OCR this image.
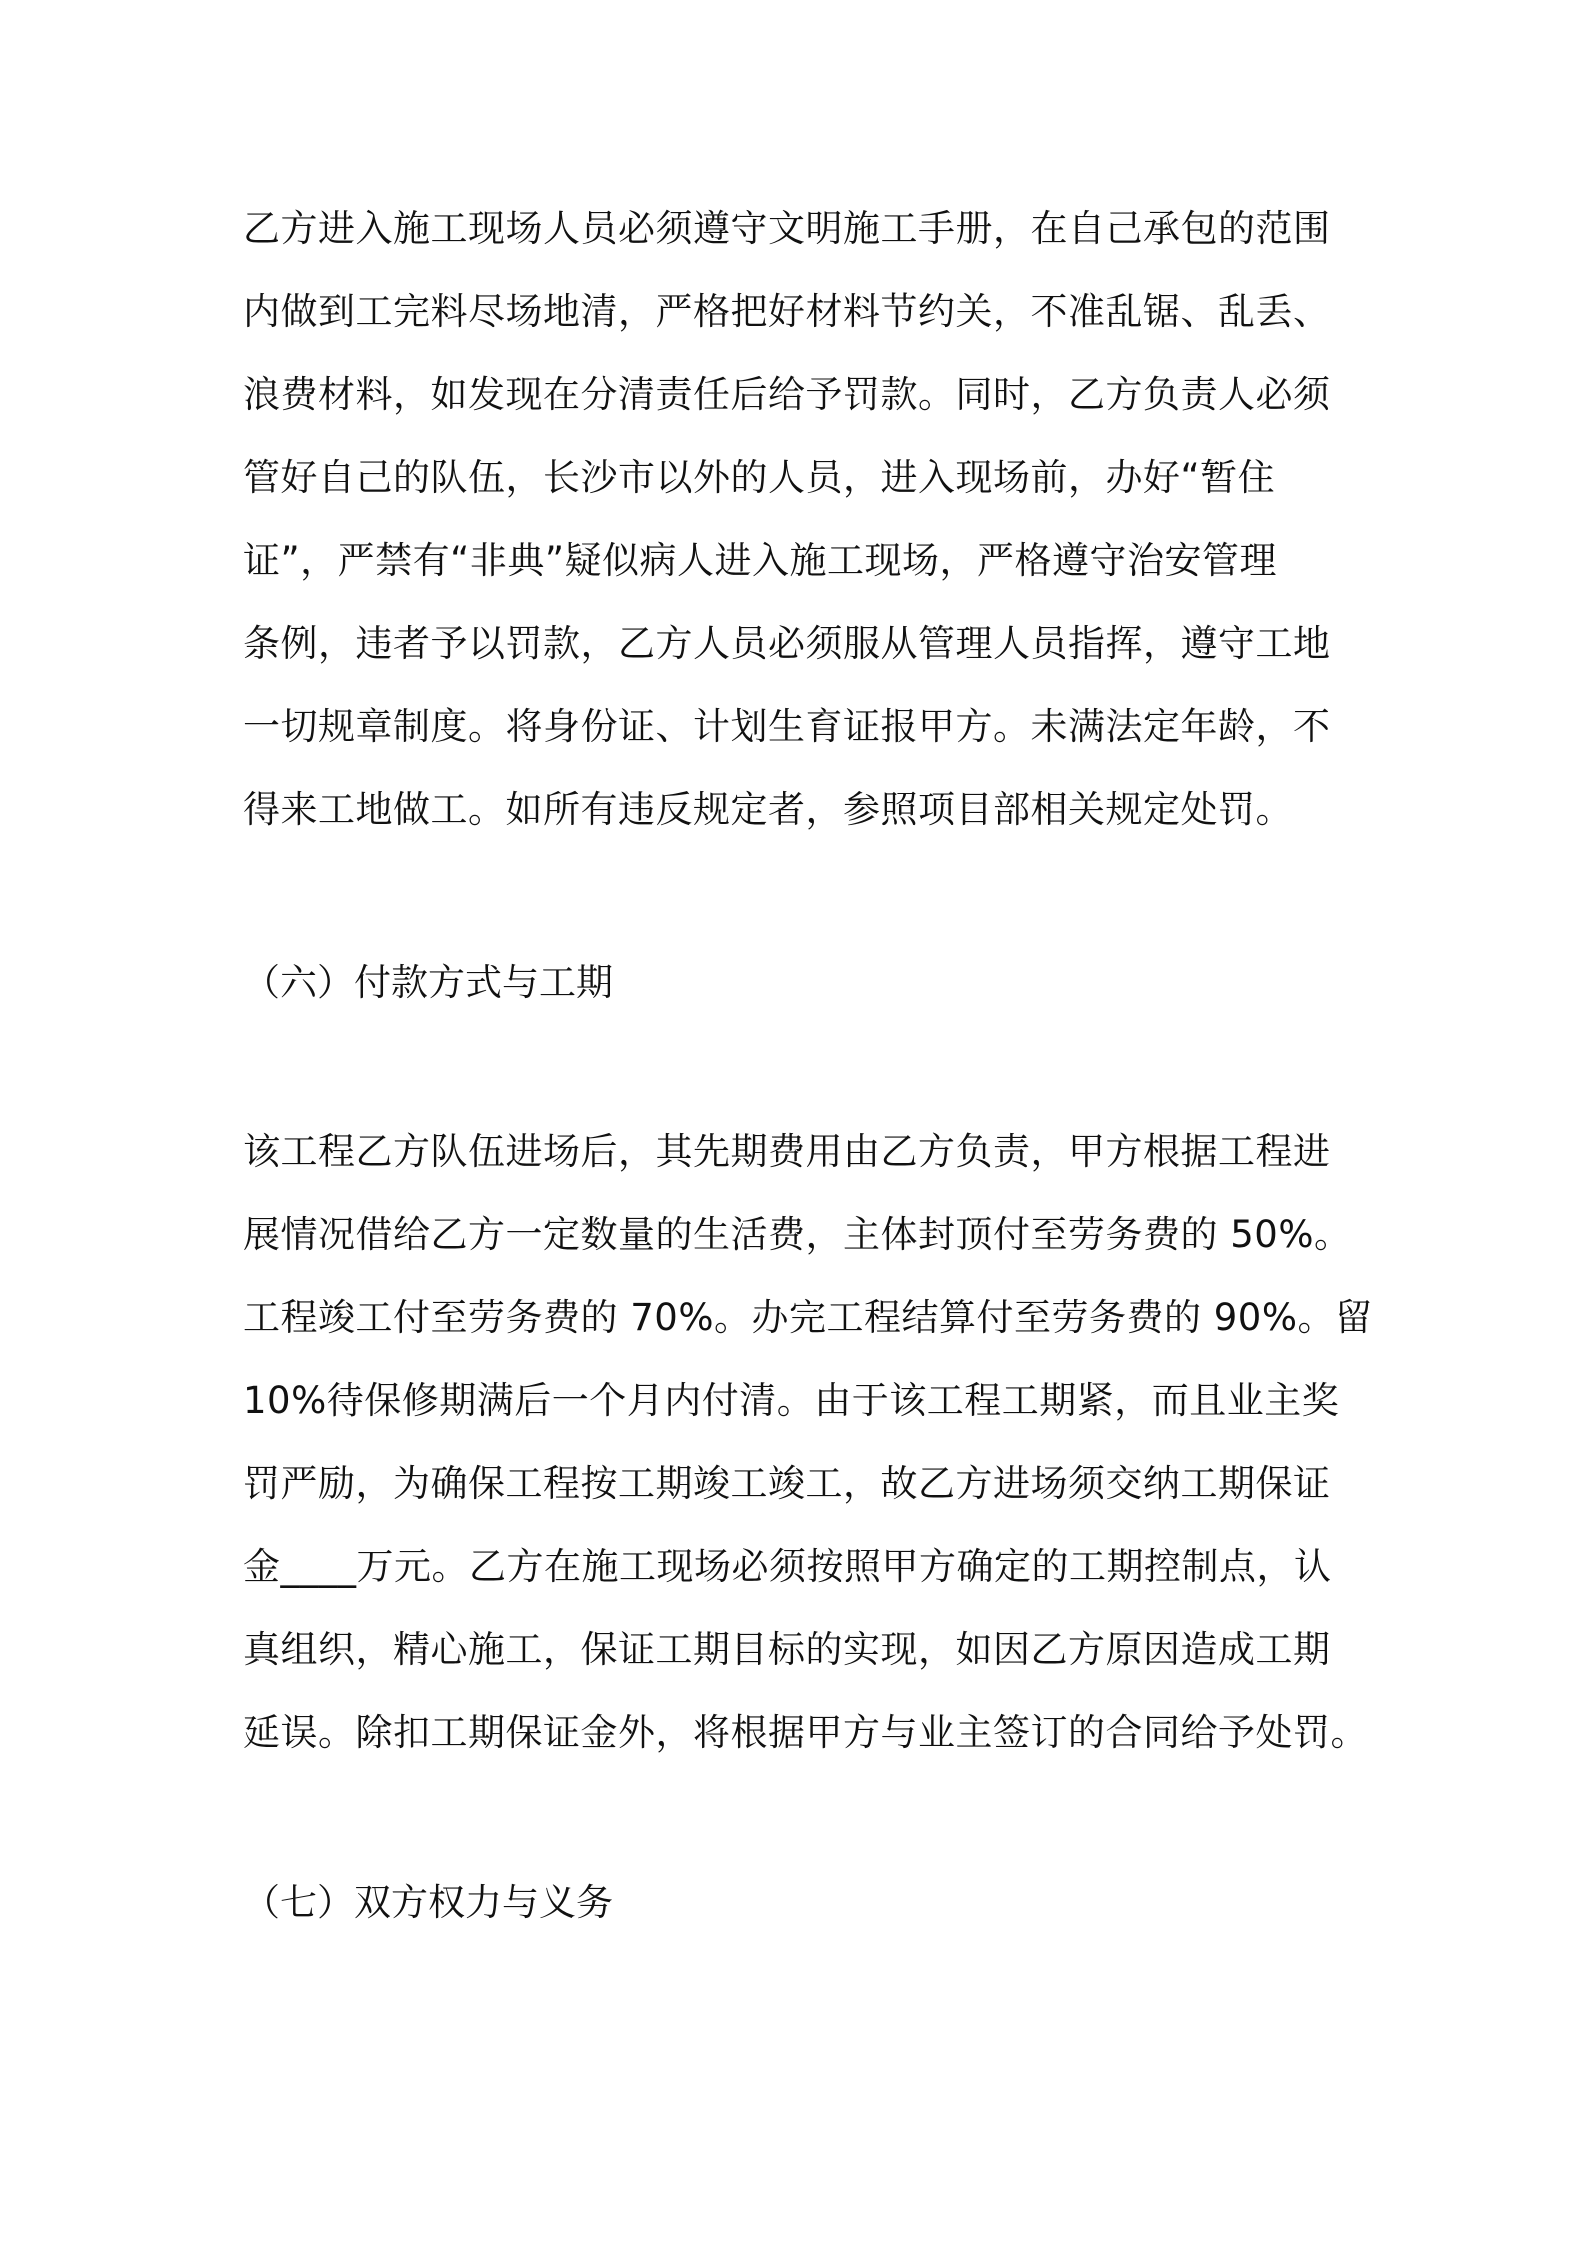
乙方进入施工现场人员必须遵守文明施工手册，在自己承包的范围
内做到工完料尽场地清，严格把好材料节约关，不准乱锯、乱丢、
浪费材料，如发现在分清责任后给予罚款。同时，乙方负责人必须
管好自己的队伍，长沙市以外的人员，进入现场前，办好“暂住
证”，严禁有“非典”疑似病人进入施工现场，严格遵守治安管理
条例，违者予以罚款，乙方人员必须服从管理人员指挥，遵守工地
一切规章制度。将身份证、计划生育证报甲方。未满法定年龄，不
得来工地做工。如所有违反规定者，参照项目部相关规定处罚。
（六）付款方式与工期
该工程乙方队伍进场后，其先期费用由乙方负责，甲方根据工程进
展情况借给乙方一定数量的生活费，主体封顶付至劳务费的 50%。
工程竣工付至劳务费的 70%。办完工程结算付至劳务费的 90%。留
10%待保修期满后一个月内付清。由于该工程工期紧，而且业主奖
罚严励，为确保工程按工期竣工竣工，故乙方进场须交纳工期保证
金____万元。乙方在施工现场必须按照甲方确定的工期控制点，认
真组织，精心施工，保证工期目标的实现，如因乙方原因造成工期
延误。除扣工期保证金外，将根据甲方与业主签订的合同给予处罚。
（七）双方权力与义务
